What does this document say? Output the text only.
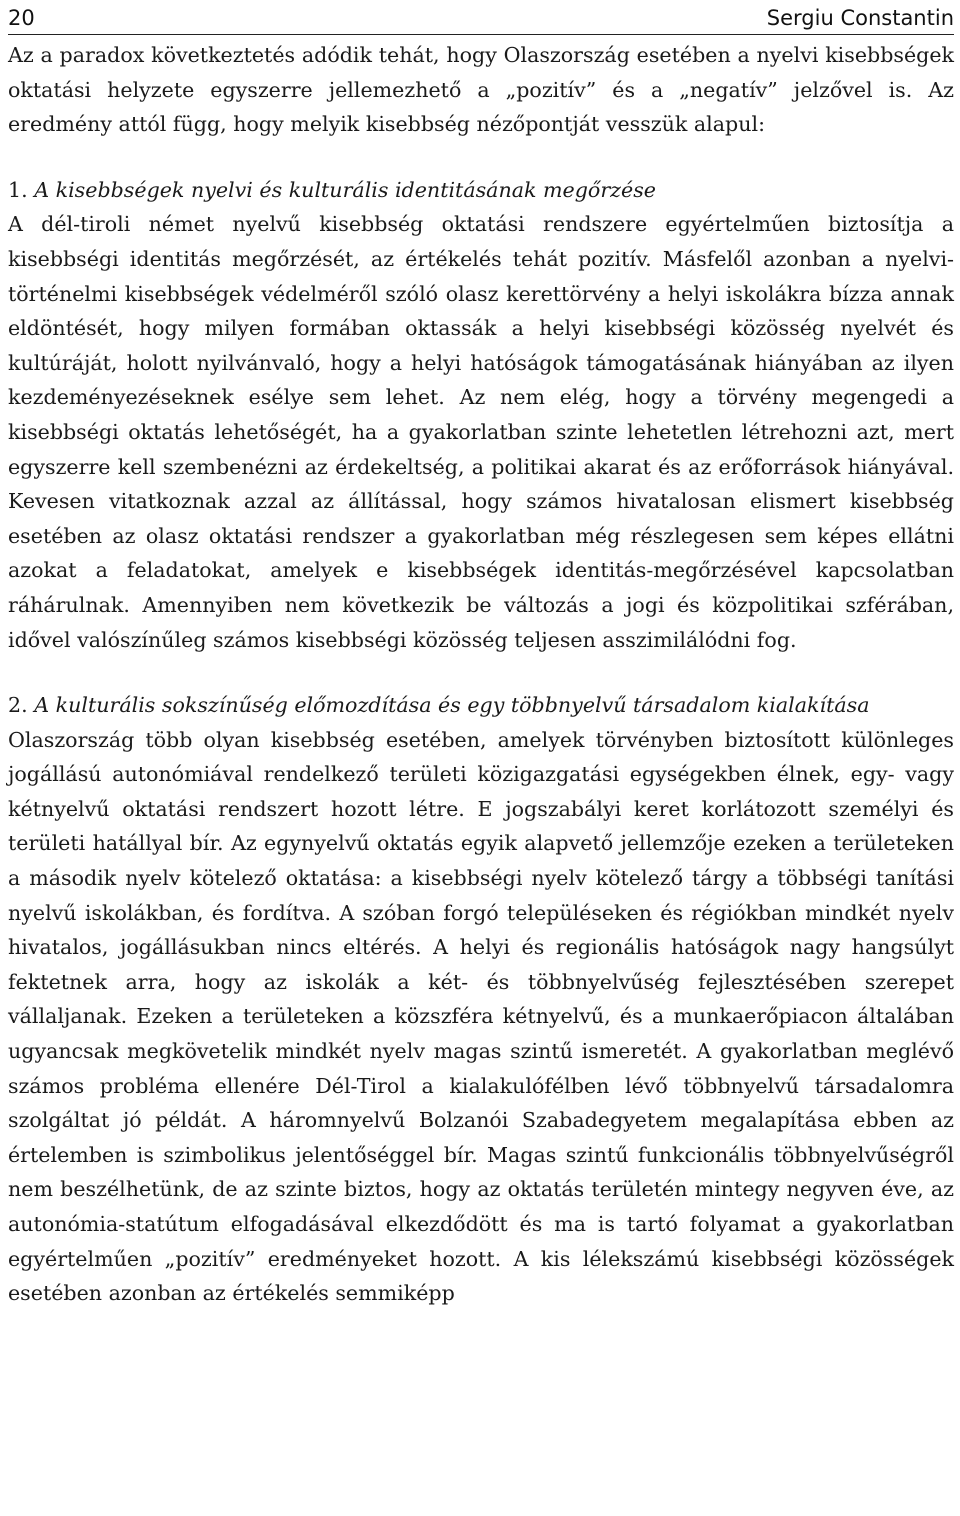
20	Sergiu Constantin

Az a paradox következtetés adódik tehát, hogy Olaszország esetében a nyelvi kisebbségek oktatási helyzete egyszerre jellemezhető a „pozitív” és a „negatív” jelzővel is. Az eredmény attól függ, hogy melyik kisebbség nézőpontját vesszük alapul:

1. A kisebbségek nyelvi és kulturális identitásának megőrzése

A dél-tiroli német nyelvű kisebbség oktatási rendszere egyértelműen biztosítja a kisebbségi identitás megőrzését, az értékelés tehát pozitív. Másfelől azonban a nyelvi-történelmi kisebbségek védelméről szóló olasz kerettörvény a helyi iskolákra bízza annak eldöntését, hogy milyen formában oktassák a helyi kisebbségi közösség nyelvét és kultúráját, holott nyilvánvaló, hogy a helyi hatóságok támogatásának hiányában az ilyen kezdeményezéseknek esélye sem lehet. Az nem elég, hogy a törvény megengedi a kisebbségi oktatás lehetőségét, ha a gyakorlatban szinte lehetetlen létrehozni azt, mert egyszerre kell szembenézni az érdekeltség, a politikai akarat és az erőforrások hiányával. Kevesen vitatkoznak azzal az állítással, hogy számos hivatalosan elismert kisebbség esetében az olasz oktatási rendszer a gyakorlatban még részlegesen sem képes ellátni azokat a feladatokat, amelyek e kisebbségek identitás-megőrzésével kapcsolatban ráhárulnak. Amennyiben nem következik be változás a jogi és közpolitikai szférában, idővel valószínűleg számos kisebbségi közösség teljesen asszimilálódni fog.

2. A kulturális sokszínűség előmozdítása és egy többnyelvű társadalom kialakítása

Olaszország több olyan kisebbség esetében, amelyek törvényben biztosított különleges jogállású autonómiával rendelkező területi közigazgatási egységekben élnek, egy- vagy kétnyelvű oktatási rendszert hozott létre. E jogszabályi keret korlátozott személyi és területi hatállyal bír. Az egynyelvű oktatás egyik alapvető jellemzője ezeken a területeken a második nyelv kötelező oktatása: a kisebbségi nyelv kötelező tárgy a többségi tanítási nyelvű iskolákban, és fordítva. A szóban forgó településeken és régiókban mindkét nyelv hivatalos, jogállásukban nincs eltérés. A helyi és regionális hatóságok nagy hangsúlyt fektetnek arra, hogy az iskolák a két- és többnyelvűség fejlesztésében szerepet vállaljanak. Ezeken a területeken a közszféra kétnyelvű, és a munkaerőpiacon általában ugyancsak megkövetelik mindkét nyelv magas szintű ismeretét. A gyakorlatban meglévő számos probléma ellenére Dél-Tirol a kialakulófélben lévő többnyelvű társadalomra szolgáltat jó példát. A háromnyelvű Bolzanói Szabadegyetem megalapítása ebben az értelemben is szimbolikus jelentőséggel bír. Magas szintű funkcionális többnyelvűségről nem beszélhetünk, de az szinte biztos, hogy az oktatás területén mintegy negyven éve, az autonómia-statútum elfogadásával elkezdődött és ma is tartó folyamat a gyakorlatban egyértelműen „pozitív” eredményeket hozott. A kis lélekszámú kisebbségi közösségek esetében azonban az értékelés semmiképp
